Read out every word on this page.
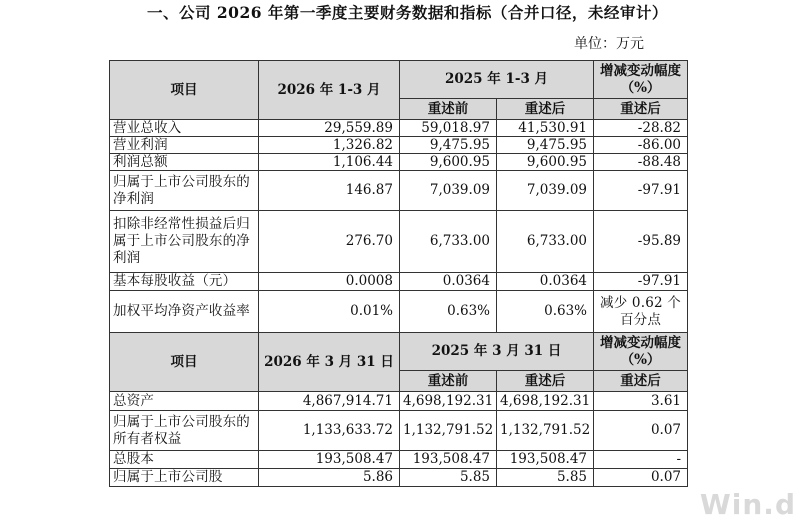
一、公司 2026 年第一季度主要财务数据和指标（合并口径，未经审计）
单位：万元
项目	2026 年 1-3 月	2025 年 1-3 月		增减变动幅度（%）
		重述前	重述后	重述后
营业总收入	29,559.89	59,018.97	41,530.91	-28.82
营业利润	1,326.82	9,475.95	9,475.95	-86.00
利润总额	1,106.44	9,600.95	9,600.95	-88.48
归属于上市公司股东的净利润	146.87	7,039.09	7,039.09	-97.91
扣除非经常性损益后归属于上市公司股东的净利润	276.70	6,733.00	6,733.00	-95.89
基本每股收益（元）	0.0008	0.0364	0.0364	-97.91
加权平均净资产收益率	0.01%	0.63%	0.63%	减少 0.62 个百分点
项目	2026 年 3 月 31 日	2025 年 3 月 31 日		增减变动幅度（%）
		重述前	重述后	重述后
总资产	4,867,914.71	4,698,192.31	4,698,192.31	3.61
归属于上市公司股东的所有者权益	1,133,633.72	1,132,791.52	1,132,791.52	0.07
总股本	193,508.47	193,508.47	193,508.47	-
归属于上市公司股	5.86	5.85	5.85	0.07
Win.d
